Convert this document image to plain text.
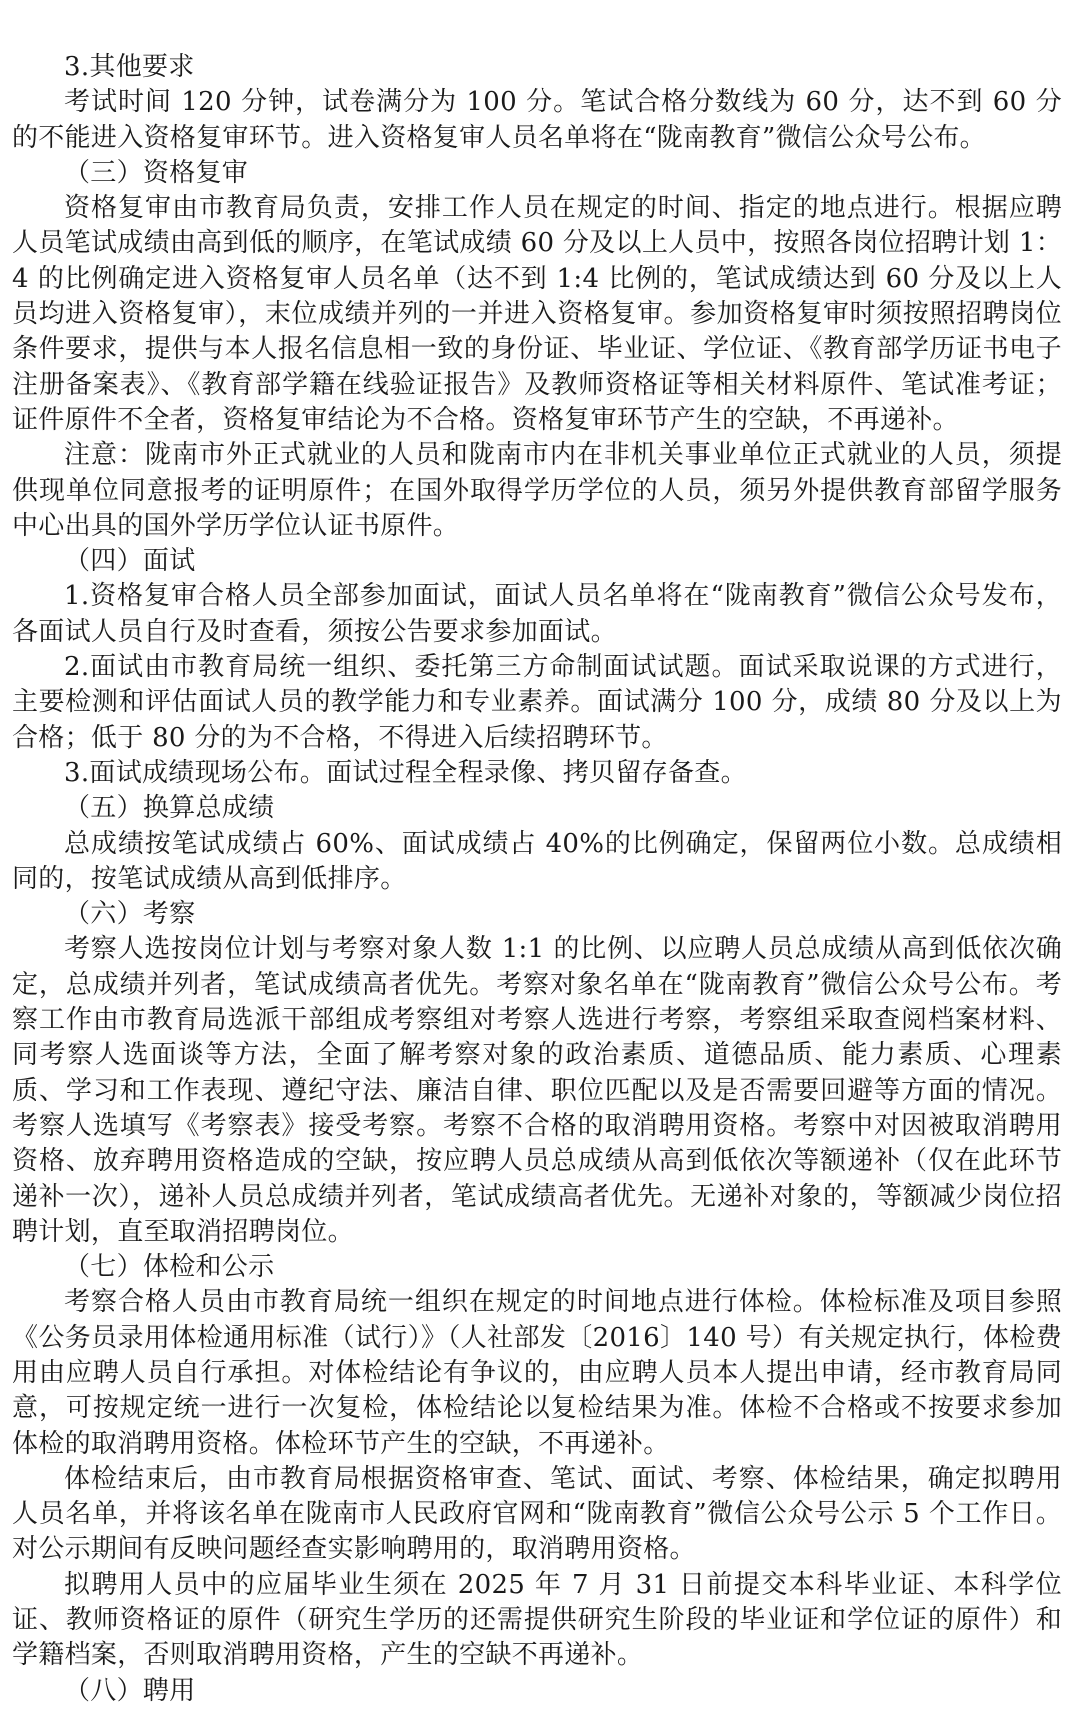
3.其他要求

考试时间 120 分钟，试卷满分为 100 分。笔试合格分数线为 60 分，达不到 60 分的不能进入资格复审环节。进入资格复审人员名单将在“陇南教育”微信公众号公布。

（三）资格复审

资格复审由市教育局负责，安排工作人员在规定的时间、指定的地点进行。根据应聘人员笔试成绩由高到低的顺序，在笔试成绩 60 分及以上人员中，按照各岗位招聘计划 1：4 的比例确定进入资格复审人员名单（达不到 1:4 比例的，笔试成绩达到 60 分及以上人员均进入资格复审），末位成绩并列的一并进入资格复审。参加资格复审时须按照招聘岗位条件要求，提供与本人报名信息相一致的身份证、毕业证、学位证、《教育部学历证书电子注册备案表》、《教育部学籍在线验证报告》及教师资格证等相关材料原件、笔试准考证；证件原件不全者，资格复审结论为不合格。资格复审环节产生的空缺，不再递补。

注意：陇南市外正式就业的人员和陇南市内在非机关事业单位正式就业的人员，须提供现单位同意报考的证明原件；在国外取得学历学位的人员，须另外提供教育部留学服务中心出具的国外学历学位认证书原件。

（四）面试

1.资格复审合格人员全部参加面试，面试人员名单将在“陇南教育”微信公众号发布，各面试人员自行及时查看，须按公告要求参加面试。

2.面试由市教育局统一组织、委托第三方命制面试试题。面试采取说课的方式进行，主要检测和评估面试人员的教学能力和专业素养。面试满分 100 分，成绩 80 分及以上为合格；低于 80 分的为不合格，不得进入后续招聘环节。

3.面试成绩现场公布。面试过程全程录像、拷贝留存备查。

（五）换算总成绩

总成绩按笔试成绩占 60%、面试成绩占 40%的比例确定，保留两位小数。总成绩相同的，按笔试成绩从高到低排序。

（六）考察

考察人选按岗位计划与考察对象人数 1:1 的比例、以应聘人员总成绩从高到低依次确定，总成绩并列者，笔试成绩高者优先。考察对象名单在“陇南教育”微信公众号公布。考察工作由市教育局选派干部组成考察组对考察人选进行考察，考察组采取查阅档案材料、同考察人选面谈等方法，全面了解考察对象的政治素质、道德品质、能力素质、心理素质、学习和工作表现、遵纪守法、廉洁自律、职位匹配以及是否需要回避等方面的情况。考察人选填写《考察表》接受考察。考察不合格的取消聘用资格。考察中对因被取消聘用资格、放弃聘用资格造成的空缺，按应聘人员总成绩从高到低依次等额递补（仅在此环节递补一次），递补人员总成绩并列者，笔试成绩高者优先。无递补对象的，等额减少岗位招聘计划，直至取消招聘岗位。

（七）体检和公示

考察合格人员由市教育局统一组织在规定的时间地点进行体检。体检标准及项目参照《公务员录用体检通用标准（试行）》（人社部发〔2016〕140 号）有关规定执行，体检费用由应聘人员自行承担。对体检结论有争议的，由应聘人员本人提出申请，经市教育局同意，可按规定统一进行一次复检，体检结论以复检结果为准。体检不合格或不按要求参加体检的取消聘用资格。体检环节产生的空缺，不再递补。

体检结束后，由市教育局根据资格审查、笔试、面试、考察、体检结果，确定拟聘用人员名单，并将该名单在陇南市人民政府官网和“陇南教育”微信公众号公示 5 个工作日。对公示期间有反映问题经查实影响聘用的，取消聘用资格。

拟聘用人员中的应届毕业生须在 2025 年 7 月 31 日前提交本科毕业证、本科学位证、教师资格证的原件（研究生学历的还需提供研究生阶段的毕业证和学位证的原件）和学籍档案，否则取消聘用资格，产生的空缺不再递补。

（八）聘用
